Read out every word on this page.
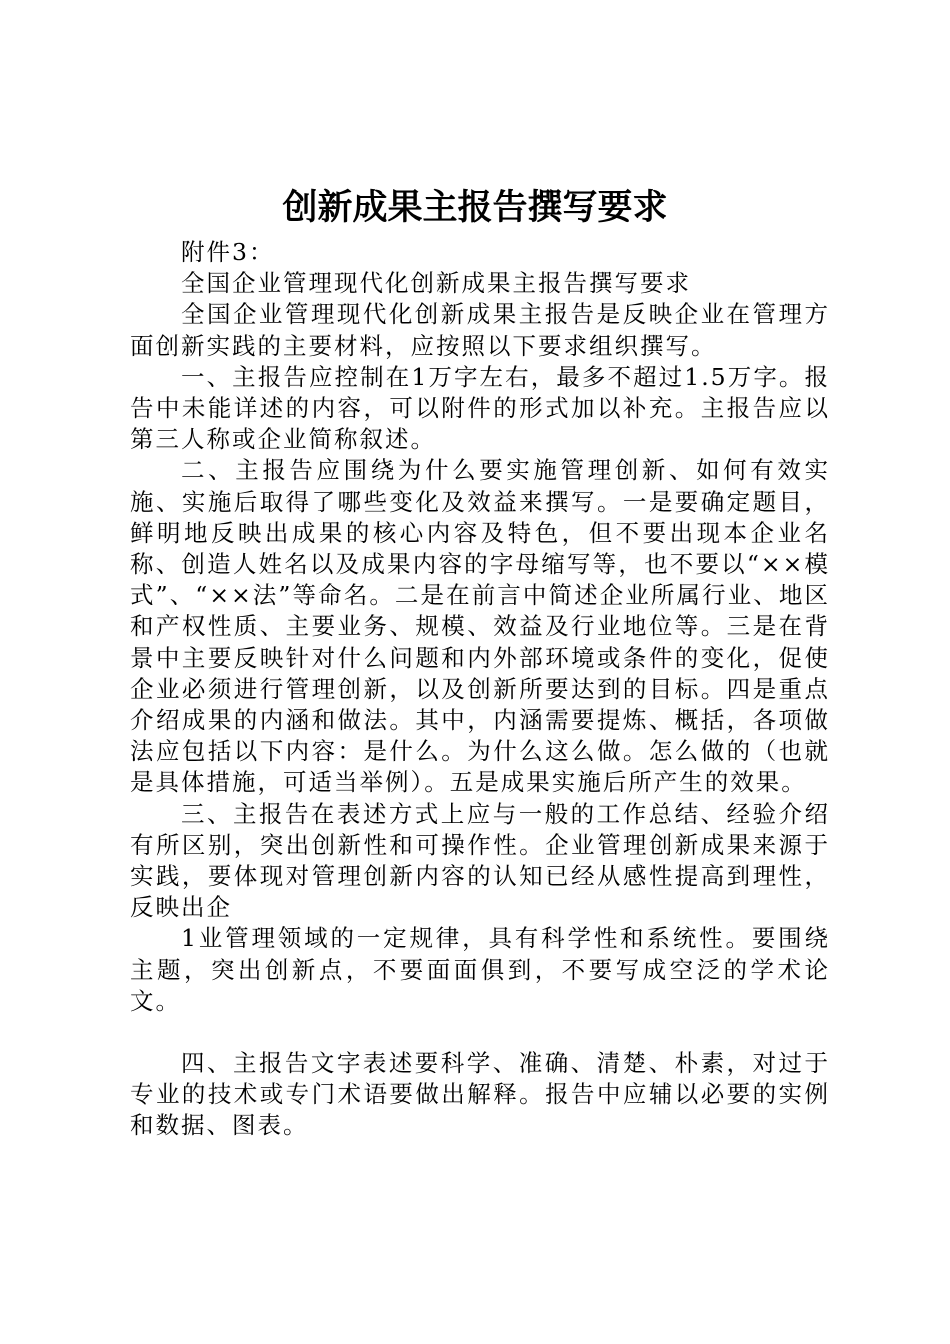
创新成果主报告撰写要求

附件3：

全国企业管理现代化创新成果主报告撰写要求

全国企业管理现代化创新成果主报告是反映企业在管理方面创新实践的主要材料，应按照以下要求组织撰写。

一、主报告应控制在1万字左右，最多不超过1.5万字。报告中未能详述的内容，可以附件的形式加以补充。主报告应以第三人称或企业简称叙述。

二、主报告应围绕为什么要实施管理创新、如何有效实施、实施后取得了哪些变化及效益来撰写。一是要确定题目，鲜明地反映出成果的核心内容及特色，但不要出现本企业名称、创造人姓名以及成果内容的字母缩写等，也不要以“××模式”、“××法”等命名。二是在前言中简述企业所属行业、地区和产权性质、主要业务、规模、效益及行业地位等。三是在背景中主要反映针对什么问题和内外部环境或条件的变化，促使企业必须进行管理创新，以及创新所要达到的目标。四是重点介绍成果的内涵和做法。其中，内涵需要提炼、概括，各项做法应包括以下内容：是什么。为什么这么做。怎么做的（也就是具体措施，可适当举例）。五是成果实施后所产生的效果。

三、主报告在表述方式上应与一般的工作总结、经验介绍有所区别，突出创新性和可操作性。企业管理创新成果来源于实践，要体现对管理创新内容的认知已经从感性提高到理性，反映出企

1业管理领域的一定规律，具有科学性和系统性。要围绕主题，突出创新点，不要面面俱到，不要写成空泛的学术论文。

四、主报告文字表述要科学、准确、清楚、朴素，对过于专业的技术或专门术语要做出解释。报告中应辅以必要的实例和数据、图表。
